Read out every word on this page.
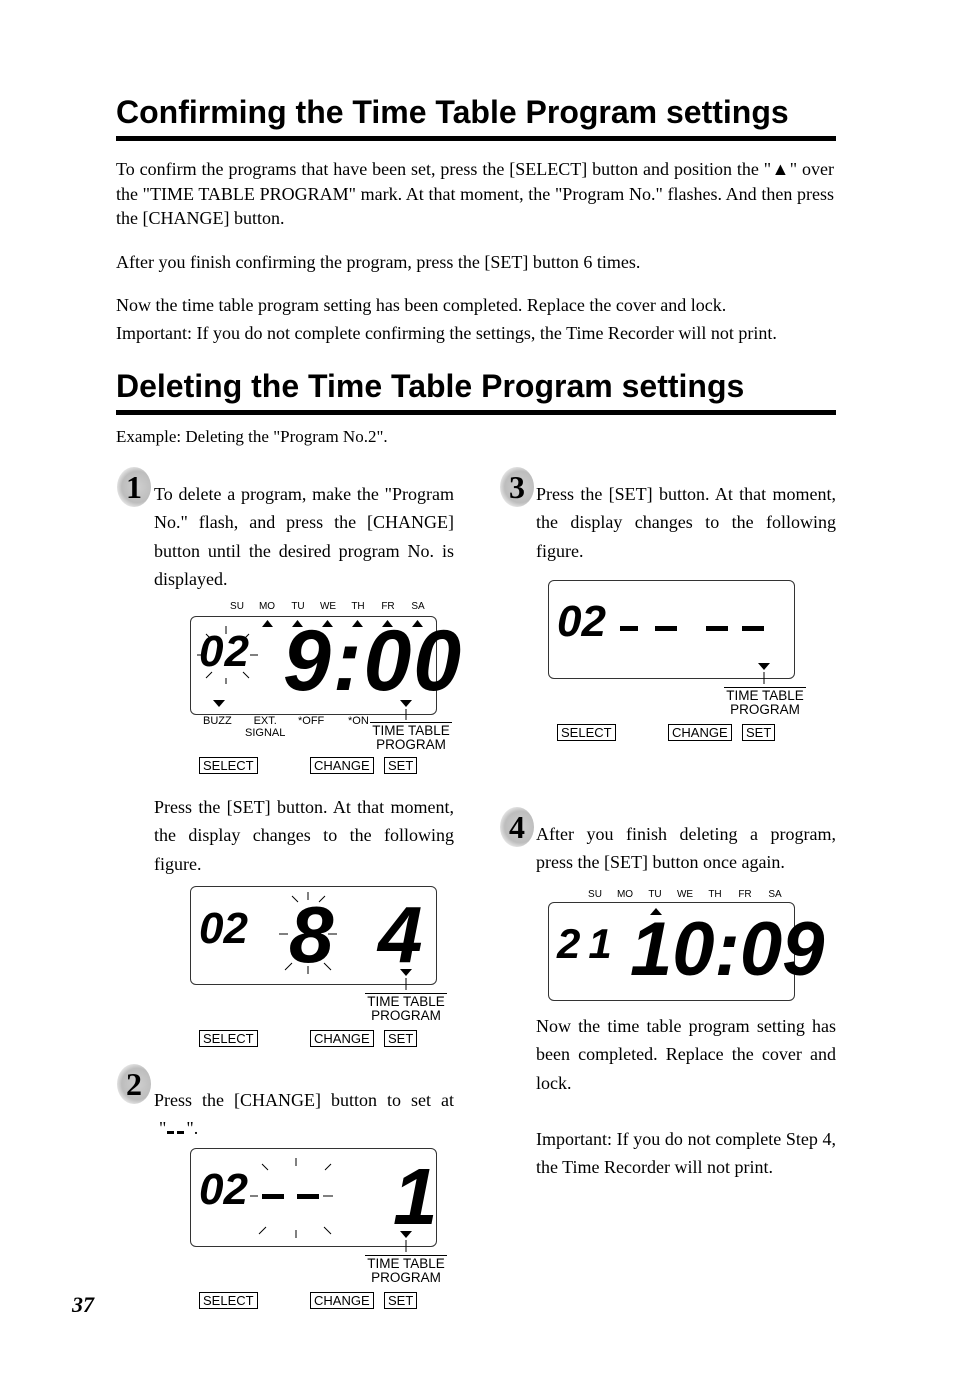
Confirming the Time Table Program settings
To confirm the programs that have been set, press the [SELECT] button and position the "▲" over the "TIME TABLE PROGRAM" mark. At that moment, the "Program No." flashes. And then press the [CHANGE] button.
After you finish confirming the program, press the [SET] button 6 times.
Now the time table program setting has been completed. Replace the cover and lock.
Important: If you do not complete confirming the settings, the Time Recorder will not print.
Deleting the Time Table Program settings
Example: Deleting the "Program No.2".
1 To delete a program, make the "Program No." flash, and press the [CHANGE] button until the desired program No. is displayed.
SU	MO	TU	WE	TH	FR	SA
02 9:00
BUZZ	EXT.
SIGNAL
*OFF *ON
TIME TABLE
PROGRAM
SELECT	CHANGE	SET
Press the [SET] button. At that moment, the display changes to the following figure.
02 8 4
TIME TABLE
PROGRAM
SELECT	CHANGE	SET
2 Press the [CHANGE] button to set at
" ".
02 1
TIME TABLE
PROGRAM
SELECT	CHANGE	SET
3 Press the [SET] button. At that moment, the display changes to the following figure.
02
TIME TABLE
PROGRAM
SELECT	CHANGE	SET
4 After you finish deleting a program, press the [SET] button once again.
SU	MO	TU	WE	TH	FR	SA
21 10:09
Now the time table program setting has been completed. Replace the cover and lock.
Important: If you do not complete Step 4, the Time Recorder will not print.
37
